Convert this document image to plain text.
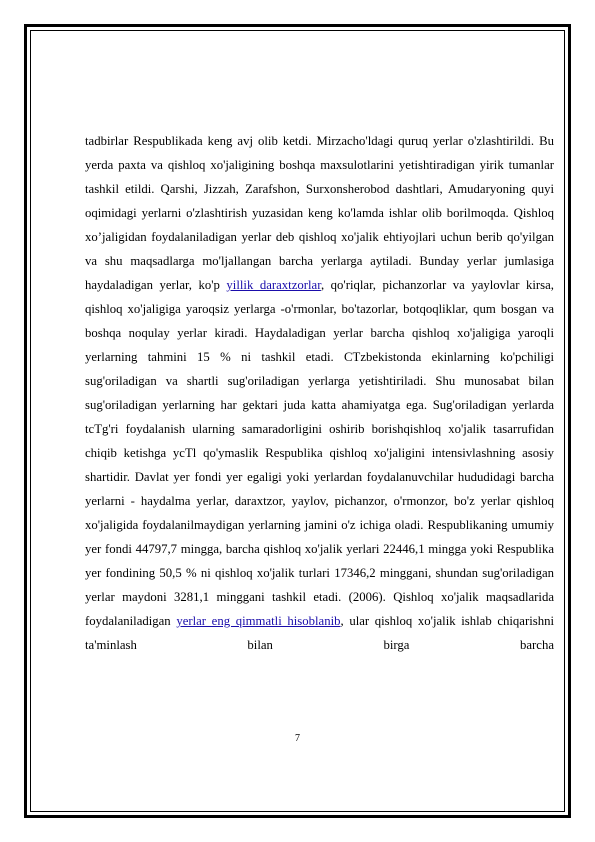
tadbirlar Respublikada keng avj olib ketdi. Mirzacho'ldagi quruq yerlar o'zlashtirildi. Bu yerda paxta va qishloq xo'jaligining boshqa maxsulotlarini yetishtiradigan yirik tumanlar tashkil etildi. Qarshi, Jizzah, Zarafshon, Surxonsherobod dashtlari, Amudaryoning quyi oqimidagi yerlarni o'zlashtirish yuzasidan keng ko'lamda ishlar olib borilmoqda. Qishloq xo’jaligidan foydalaniladigan yerlar deb qishloq xo'jalik ehtiyojlari uchun berib qo'yilgan va shu maqsadlarga mo'ljallangan barcha yerlarga aytiladi. Bunday yerlar jumlasiga haydaladigan yerlar, ko'p yillik daraxtzorlar, qo'riqlar, pichanzorlar va yaylovlar kirsa, qishloq xo'jaligiga yaroqsiz yerlarga -o'rmonlar, bo'tazorlar, botqoqliklar, qum bosgan va boshqa noqulay yerlar kiradi. Haydaladigan yerlar barcha qishloq xo'jaligiga yaroqli yerlarning tahmini 15 % ni tashkil etadi. CTzbekistonda ekinlarning ko'pchiligi sug'oriladigan va shartli sug'oriladigan yerlarga yetishtiriladi. Shu munosabat bilan sug'oriladigan yerlarning har gektari juda katta ahamiyatga ega. Sug'oriladigan yerlarda tcTg'ri foydalanish ularning samaradorligini oshirib borishqishloq xo'jalik tasarrufidan chiqib ketishga ycTl qo'ymaslik Respublika qishloq xo'jaligini intensivlashning asosiy shartidir. Davlat yer fondi yer egaligi yoki yerlardan foydalanuvchilar hududidagi barcha yerlarni - haydalma yerlar, daraxtzor, yaylov, pichanzor, o'rmonzor, bo'z yerlar qishloq xo'jaligida foydalanilmaydigan yerlarning jamini o'z ichiga oladi. Respublikaning umumiy yer fondi 44797,7 mingga, barcha qishloq xo'jalik yerlari 22446,1 mingga yoki Respublika yer fondining 50,5 % ni qishloq xo'jalik turlari 17346,2 minggani, shundan sug'oriladigan yerlar maydoni 3281,1 minggani tashkil etadi. (2006). Qishloq xo'jalik maqsadlarida foydalaniladigan yerlar eng qimmatli hisoblanib, ular qishloq xo'jalik ishlab chiqarishni ta'minlash bilan birga barcha
7
